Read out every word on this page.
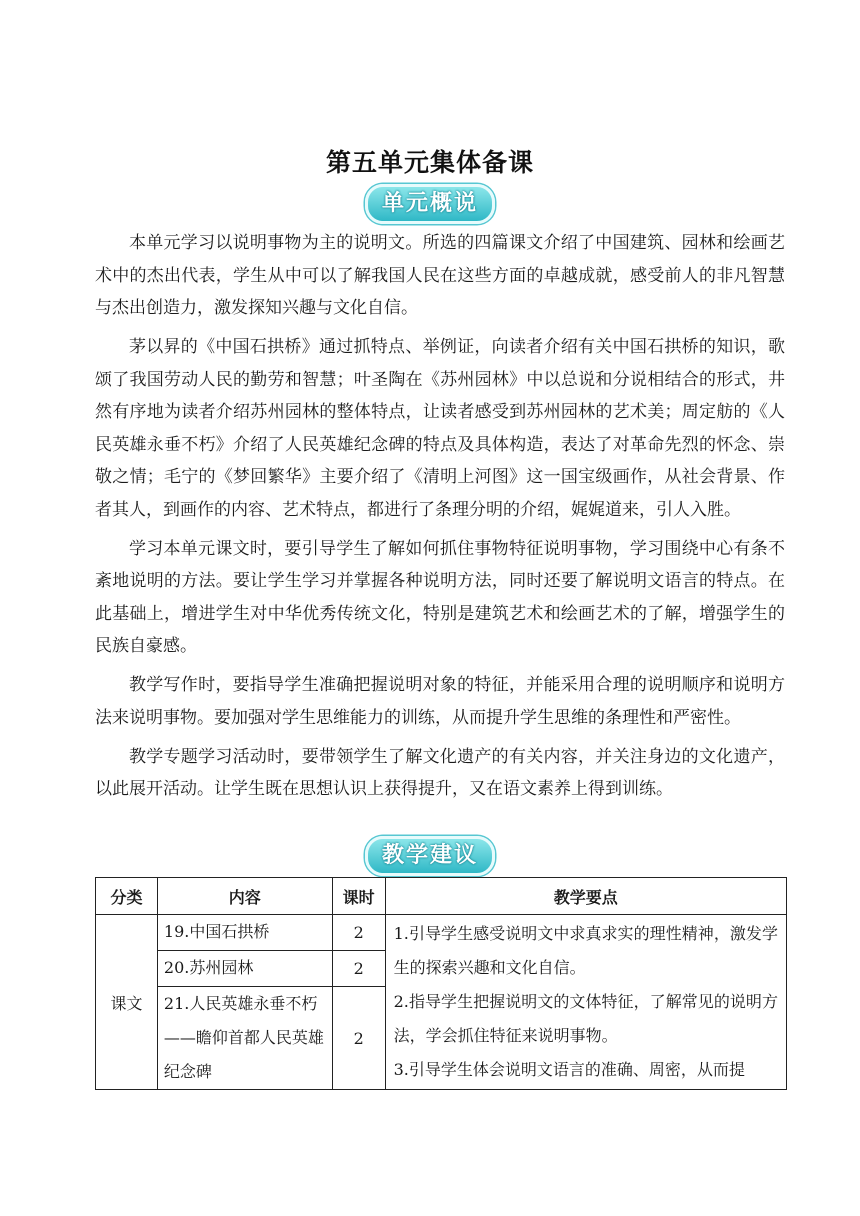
第五单元集体备课
单元概说

本单元学习以说明事物为主的说明文。所选的四篇课文介绍了中国建筑、园林和绘画艺术中的杰出代表，学生从中可以了解我国人民在这些方面的卓越成就，感受前人的非凡智慧与杰出创造力，激发探知兴趣与文化自信。

茅以昇的《中国石拱桥》通过抓特点、举例证，向读者介绍有关中国石拱桥的知识，歌颂了我国劳动人民的勤劳和智慧；叶圣陶在《苏州园林》中以总说和分说相结合的形式，井然有序地为读者介绍苏州园林的整体特点，让读者感受到苏州园林的艺术美；周定舫的《人民英雄永垂不朽》介绍了人民英雄纪念碑的特点及具体构造，表达了对革命先烈的怀念、崇敬之情；毛宁的《梦回繁华》主要介绍了《清明上河图》这一国宝级画作，从社会背景、作者其人，到画作的内容、艺术特点，都进行了条理分明的介绍，娓娓道来，引人入胜。

学习本单元课文时，要引导学生了解如何抓住事物特征说明事物，学习围绕中心有条不紊地说明的方法。要让学生学习并掌握各种说明方法，同时还要了解说明文语言的特点。在此基础上，增进学生对中华优秀传统文化，特别是建筑艺术和绘画艺术的了解，增强学生的民族自豪感。

教学写作时，要指导学生准确把握说明对象的特征，并能采用合理的说明顺序和说明方法来说明事物。要加强对学生思维能力的训练，从而提升学生思维的条理性和严密性。

教学专题学习活动时，要带领学生了解文化遗产的有关内容，并关注身边的文化遗产，以此展开活动。让学生既在思想认识上获得提升，又在语文素养上得到训练。

教学建议
分类	内容	课时	教学要点
课文	19.中国石拱桥	2	1.引导学生感受说明文中求真求实的理性精神，激发学生的探索兴趣和文化自信。
2.指导学生把握说明文的文体特征，了解常见的说明方法，学会抓住特征来说明事物。
3.引导学生体会说明文语言的准确、周密，从而提

	20.苏州园林	2	
	21.人民英雄永垂不朽——瞻仰首都人民英雄纪念碑	2	
